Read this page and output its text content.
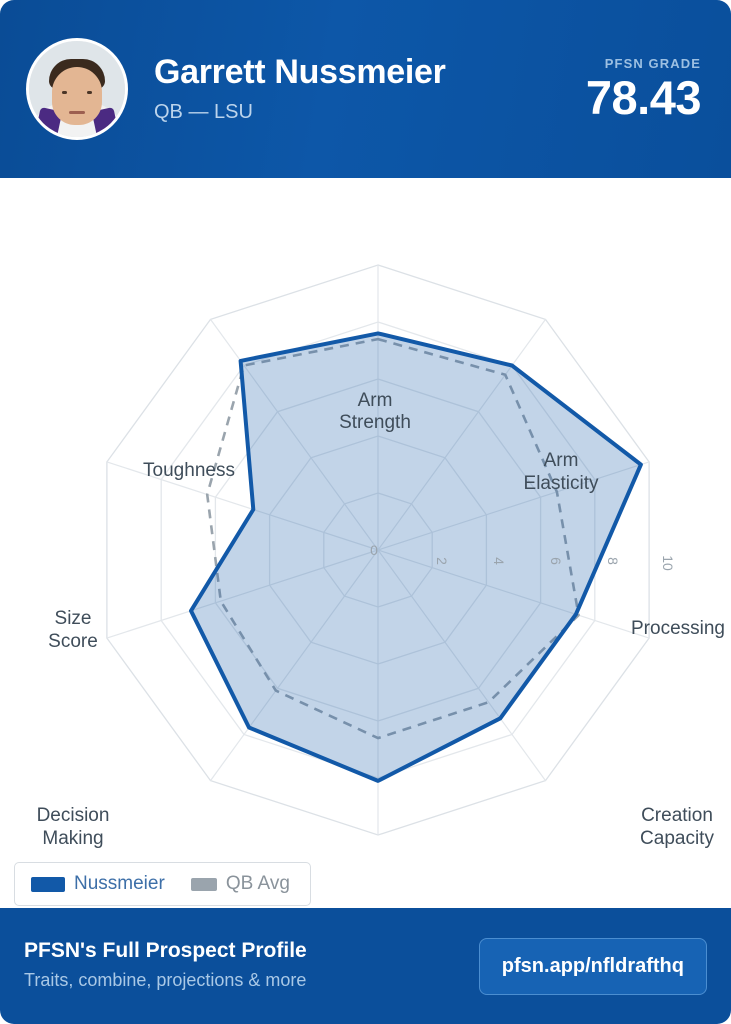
Garrett Nussmeier
QB — LSU
PFSN GRADE
78.43
0
2	4	6	8	10
Arm
Strength
Arm
Elasticity
Processing
Creation
Capacity
Decision
Making
Size
Score
Toughness
Nussmeier	QB Avg
PFSN's Full Prospect Profile
Traits, combine, projections & more
pfsn.app/nfldrafthq
